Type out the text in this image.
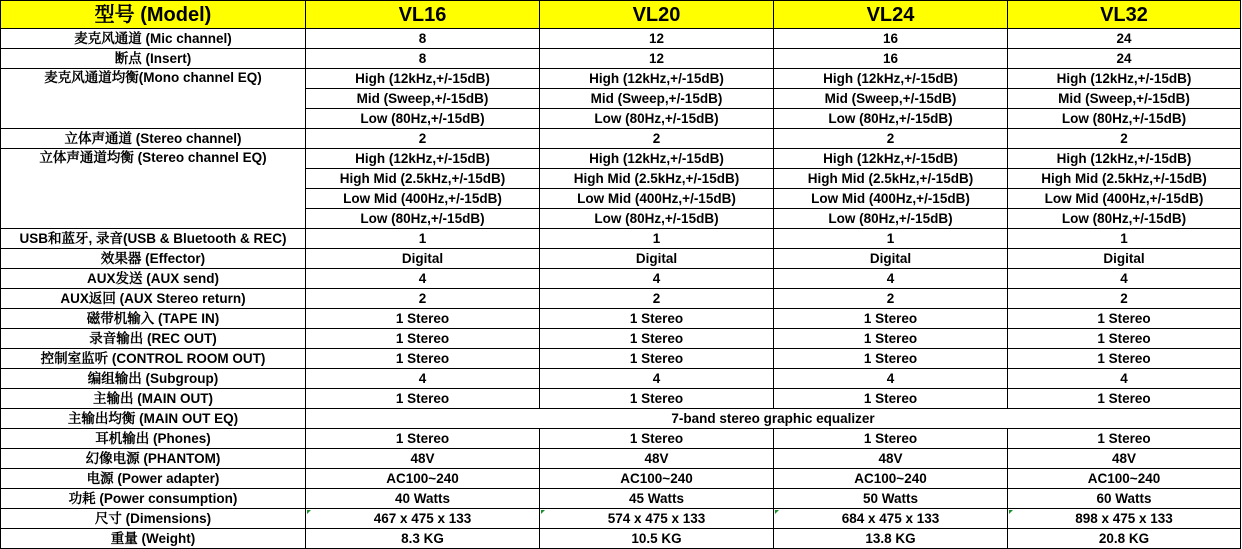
型号 (Model)	VL16	VL20	VL24	VL32
麦克风通道 (Mic channel)	8	12	16	24
断点 (Insert)	8	12	16	24
麦克风通道均衡(Mono channel EQ)	High (12kHz,+/-15dB)	High (12kHz,+/-15dB)	High (12kHz,+/-15dB)	High (12kHz,+/-15dB)
	Mid (Sweep,+/-15dB)	Mid (Sweep,+/-15dB)	Mid (Sweep,+/-15dB)	Mid (Sweep,+/-15dB)
	Low (80Hz,+/-15dB)	Low (80Hz,+/-15dB)	Low (80Hz,+/-15dB)	Low (80Hz,+/-15dB)
立体声通道 (Stereo channel)	2	2	2	2
立体声通道均衡 (Stereo channel EQ)	High (12kHz,+/-15dB)	High (12kHz,+/-15dB)	High (12kHz,+/-15dB)	High (12kHz,+/-15dB)
	High Mid (2.5kHz,+/-15dB)	High Mid (2.5kHz,+/-15dB)	High Mid (2.5kHz,+/-15dB)	High Mid (2.5kHz,+/-15dB)
	Low Mid (400Hz,+/-15dB)	Low Mid (400Hz,+/-15dB)	Low Mid (400Hz,+/-15dB)	Low Mid (400Hz,+/-15dB)
	Low (80Hz,+/-15dB)	Low (80Hz,+/-15dB)	Low (80Hz,+/-15dB)	Low (80Hz,+/-15dB)
USB和蓝牙, 录音(USB & Bluetooth & REC)	1	1	1	1
效果器 (Effector)	Digital	Digital	Digital	Digital
AUX发送 (AUX send)	4	4	4	4
AUX返回 (AUX Stereo return)	2	2	2	2
磁带机输入 (TAPE IN)	1 Stereo	1 Stereo	1 Stereo	1 Stereo
录音输出 (REC OUT)	1 Stereo	1 Stereo	1 Stereo	1 Stereo
控制室监听 (CONTROL ROOM OUT)	1 Stereo	1 Stereo	1 Stereo	1 Stereo
编组输出 (Subgroup)	4	4	4	4
主输出 (MAIN OUT)	1 Stereo	1 Stereo	1 Stereo	1 Stereo
主输出均衡 (MAIN OUT EQ)	7-band stereo graphic equalizer			
耳机输出 (Phones)	1 Stereo	1 Stereo	1 Stereo	1 Stereo
幻像电源 (PHANTOM)	48V	48V	48V	48V
电源 (Power adapter)	AC100~240	AC100~240	AC100~240	AC100~240
功耗 (Power consumption)	40 Watts	45 Watts	50 Watts	60 Watts
尺寸 (Dimensions)	467 x 475 x 133	574 x 475 x 133	684 x 475 x 133	898 x 475 x 133
重量 (Weight)	8.3 KG	10.5 KG	13.8 KG	20.8 KG
